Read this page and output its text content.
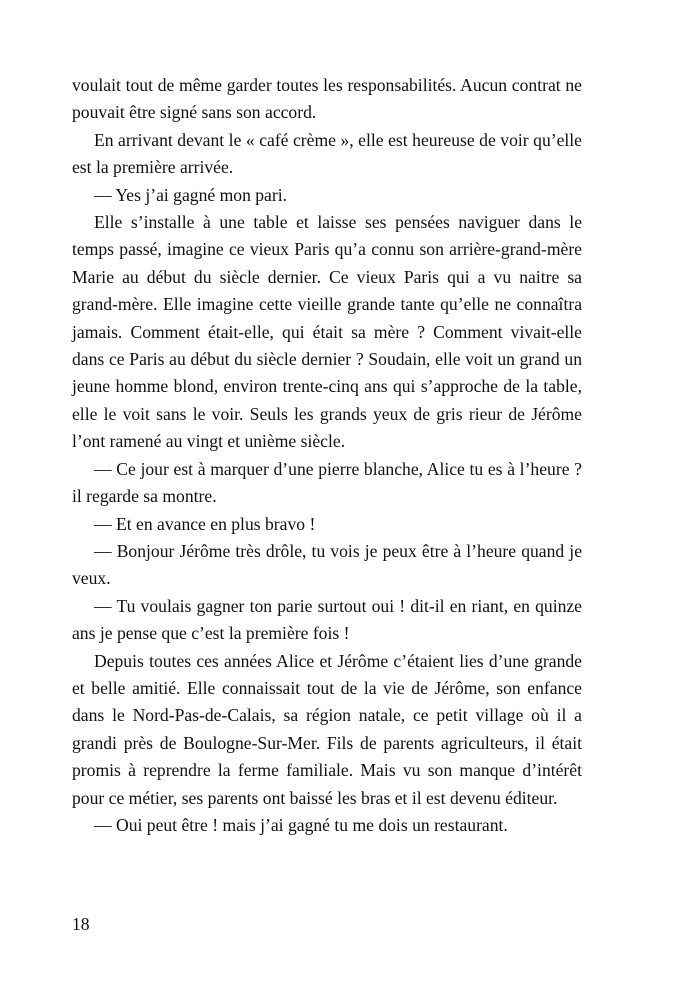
voulait tout de même garder toutes les responsabilités. Aucun contrat ne pouvait être signé sans son accord.

En arrivant devant le « café crème », elle est heureuse de voir qu’elle est la première arrivée.

— Yes j’ai gagné mon pari.

Elle s’installe à une table et laisse ses pensées naviguer dans le temps passé, imagine ce vieux Paris qu’a connu son arrière-grand-mère Marie au début du siècle dernier. Ce vieux Paris qui a vu naitre sa grand-mère. Elle imagine cette vieille grande tante qu’elle ne connaîtra jamais. Comment était-elle, qui était sa mère ? Comment vivait-elle dans ce Paris au début du siècle dernier ? Soudain, elle voit un grand un jeune homme blond, environ trente-cinq ans qui s’approche de la table, elle le voit sans le voir. Seuls les grands yeux de gris rieur de Jérôme l’ont ramené au vingt et unième siècle.

— Ce jour est à marquer d’une pierre blanche, Alice tu es à l’heure ? il regarde sa montre.

— Et en avance en plus bravo !

— Bonjour Jérôme très drôle, tu vois je peux être à l’heure quand je veux.

— Tu voulais gagner ton parie surtout oui ! dit-il en riant, en quinze ans je pense que c’est la première fois !

Depuis toutes ces années Alice et Jérôme c’étaient lies d’une grande et belle amitié. Elle connaissait tout de la vie de Jérôme, son enfance dans le Nord-Pas-de-Calais, sa région natale, ce petit village où il a grandi près de Boulogne-Sur-Mer. Fils de parents agriculteurs, il était promis à reprendre la ferme familiale. Mais vu son manque d’intérêt pour ce métier, ses parents ont baissé les bras et il est devenu éditeur.

— Oui peut être ! mais j’ai gagné tu me dois un restaurant.

18
